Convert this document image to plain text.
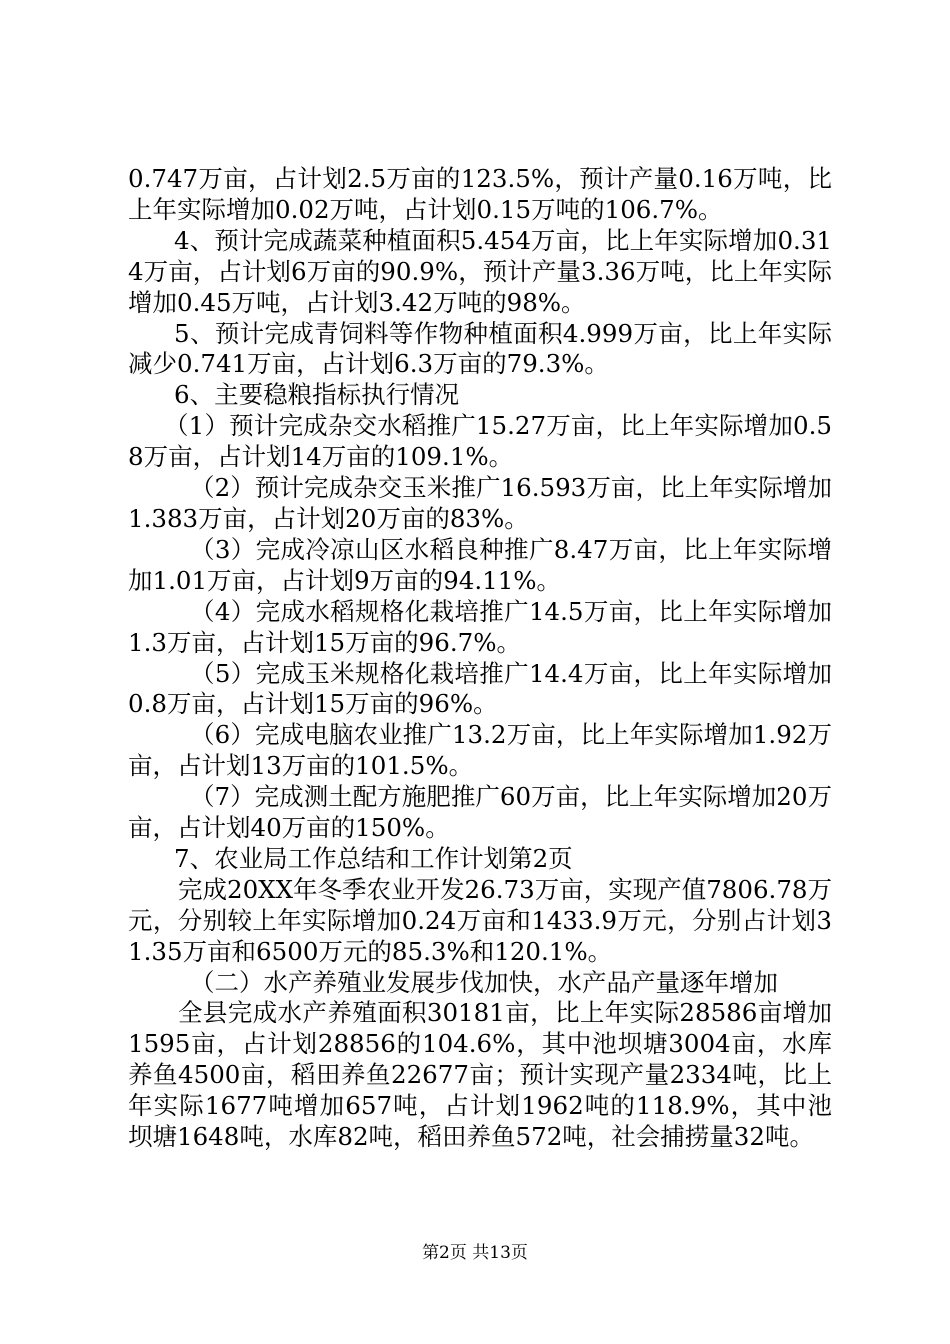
0.747万亩，占计划2.5万亩的123.5%，预计产量0.16万吨，比上年实际增加0.02万吨，占计划0.15万吨的106.7%。

4、预计完成蔬菜种植面积5.454万亩，比上年实际增加0.314万亩，占计划6万亩的90.9%，预计产量3.36万吨，比上年实际增加0.45万吨，占计划3.42万吨的98%。

5、预计完成青饲料等作物种植面积4.999万亩，比上年实际减少0.741万亩，占计划6.3万亩的79.3%。

6、主要稳粮指标执行情况

（1）预计完成杂交水稻推广15.27万亩，比上年实际增加0.58万亩，占计划14万亩的109.1%。

（2）预计完成杂交玉米推广16.593万亩，比上年实际增加1.383万亩，占计划20万亩的83%。

（3）完成冷凉山区水稻良种推广8.47万亩，比上年实际增加1.01万亩，占计划9万亩的94.11%。

（4）完成水稻规格化栽培推广14.5万亩，比上年实际增加1.3万亩，占计划15万亩的96.7%。

（5）完成玉米规格化栽培推广14.4万亩，比上年实际增加0.8万亩，占计划15万亩的96%。

（6）完成电脑农业推广13.2万亩，比上年实际增加1.92万亩，占计划13万亩的101.5%。

（7）完成测土配方施肥推广60万亩，比上年实际增加20万亩，占计划40万亩的150%。

7、农业局工作总结和工作计划第2页

完成20XX年冬季农业开发26.73万亩，实现产值7806.78万元，分别较上年实际增加0.24万亩和1433.9万元，分别占计划31.35万亩和6500万元的85.3%和120.1%。

（二）水产养殖业发展步伐加快，水产品产量逐年增加

全县完成水产养殖面积30181亩，比上年实际28586亩增加1595亩，占计划28856的104.6%，其中池坝塘3004亩，水库养鱼4500亩，稻田养鱼22677亩；预计实现产量2334吨，比上年实际1677吨增加657吨，占计划1962吨的118.9%，其中池坝塘1648吨，水库82吨，稻田养鱼572吨，社会捕捞量32吨。

第2页 共13页
